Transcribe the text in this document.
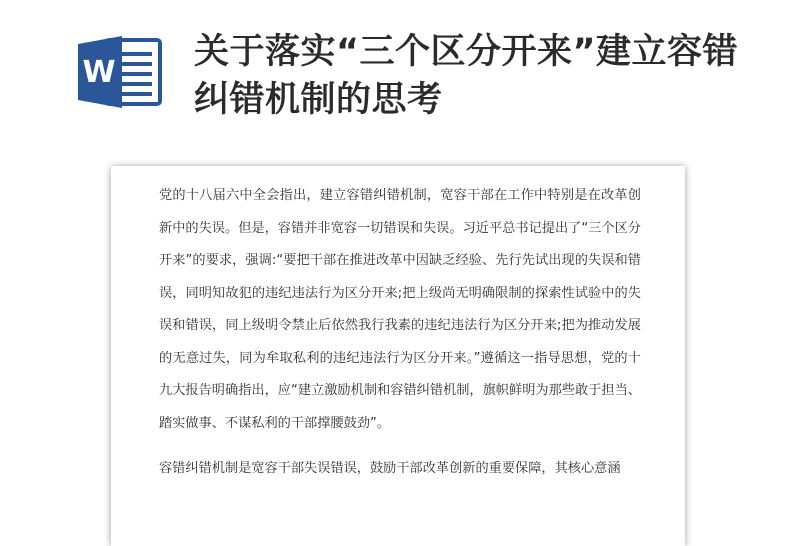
W
关于落实“三个区分开来”建立容错纠错机制的思考

党的十八届六中全会指出，建立容错纠错机制，宽容干部在工作中特别是在改革创新中的失误。但是，容错并非宽容一切错误和失误。习近平总书记提出了“三个区分开来”的要求，强调:“要把干部在推进改革中因缺乏经验、先行先试出现的失误和错误，同明知故犯的违纪违法行为区分开来;把上级尚无明确限制的探索性试验中的失误和错误，同上级明令禁止后依然我行我素的违纪违法行为区分开来;把为推动发展的无意过失，同为牟取私利的违纪违法行为区分开来。”遵循这一指导思想，党的十九大报告明确指出，应“建立激励机制和容错纠错机制，旗帜鲜明为那些敢于担当、踏实做事、不谋私利的干部撑腰鼓劲”。

容错纠错机制是宽容干部失误错误，鼓励干部改革创新的重要保障，其核心意涵
